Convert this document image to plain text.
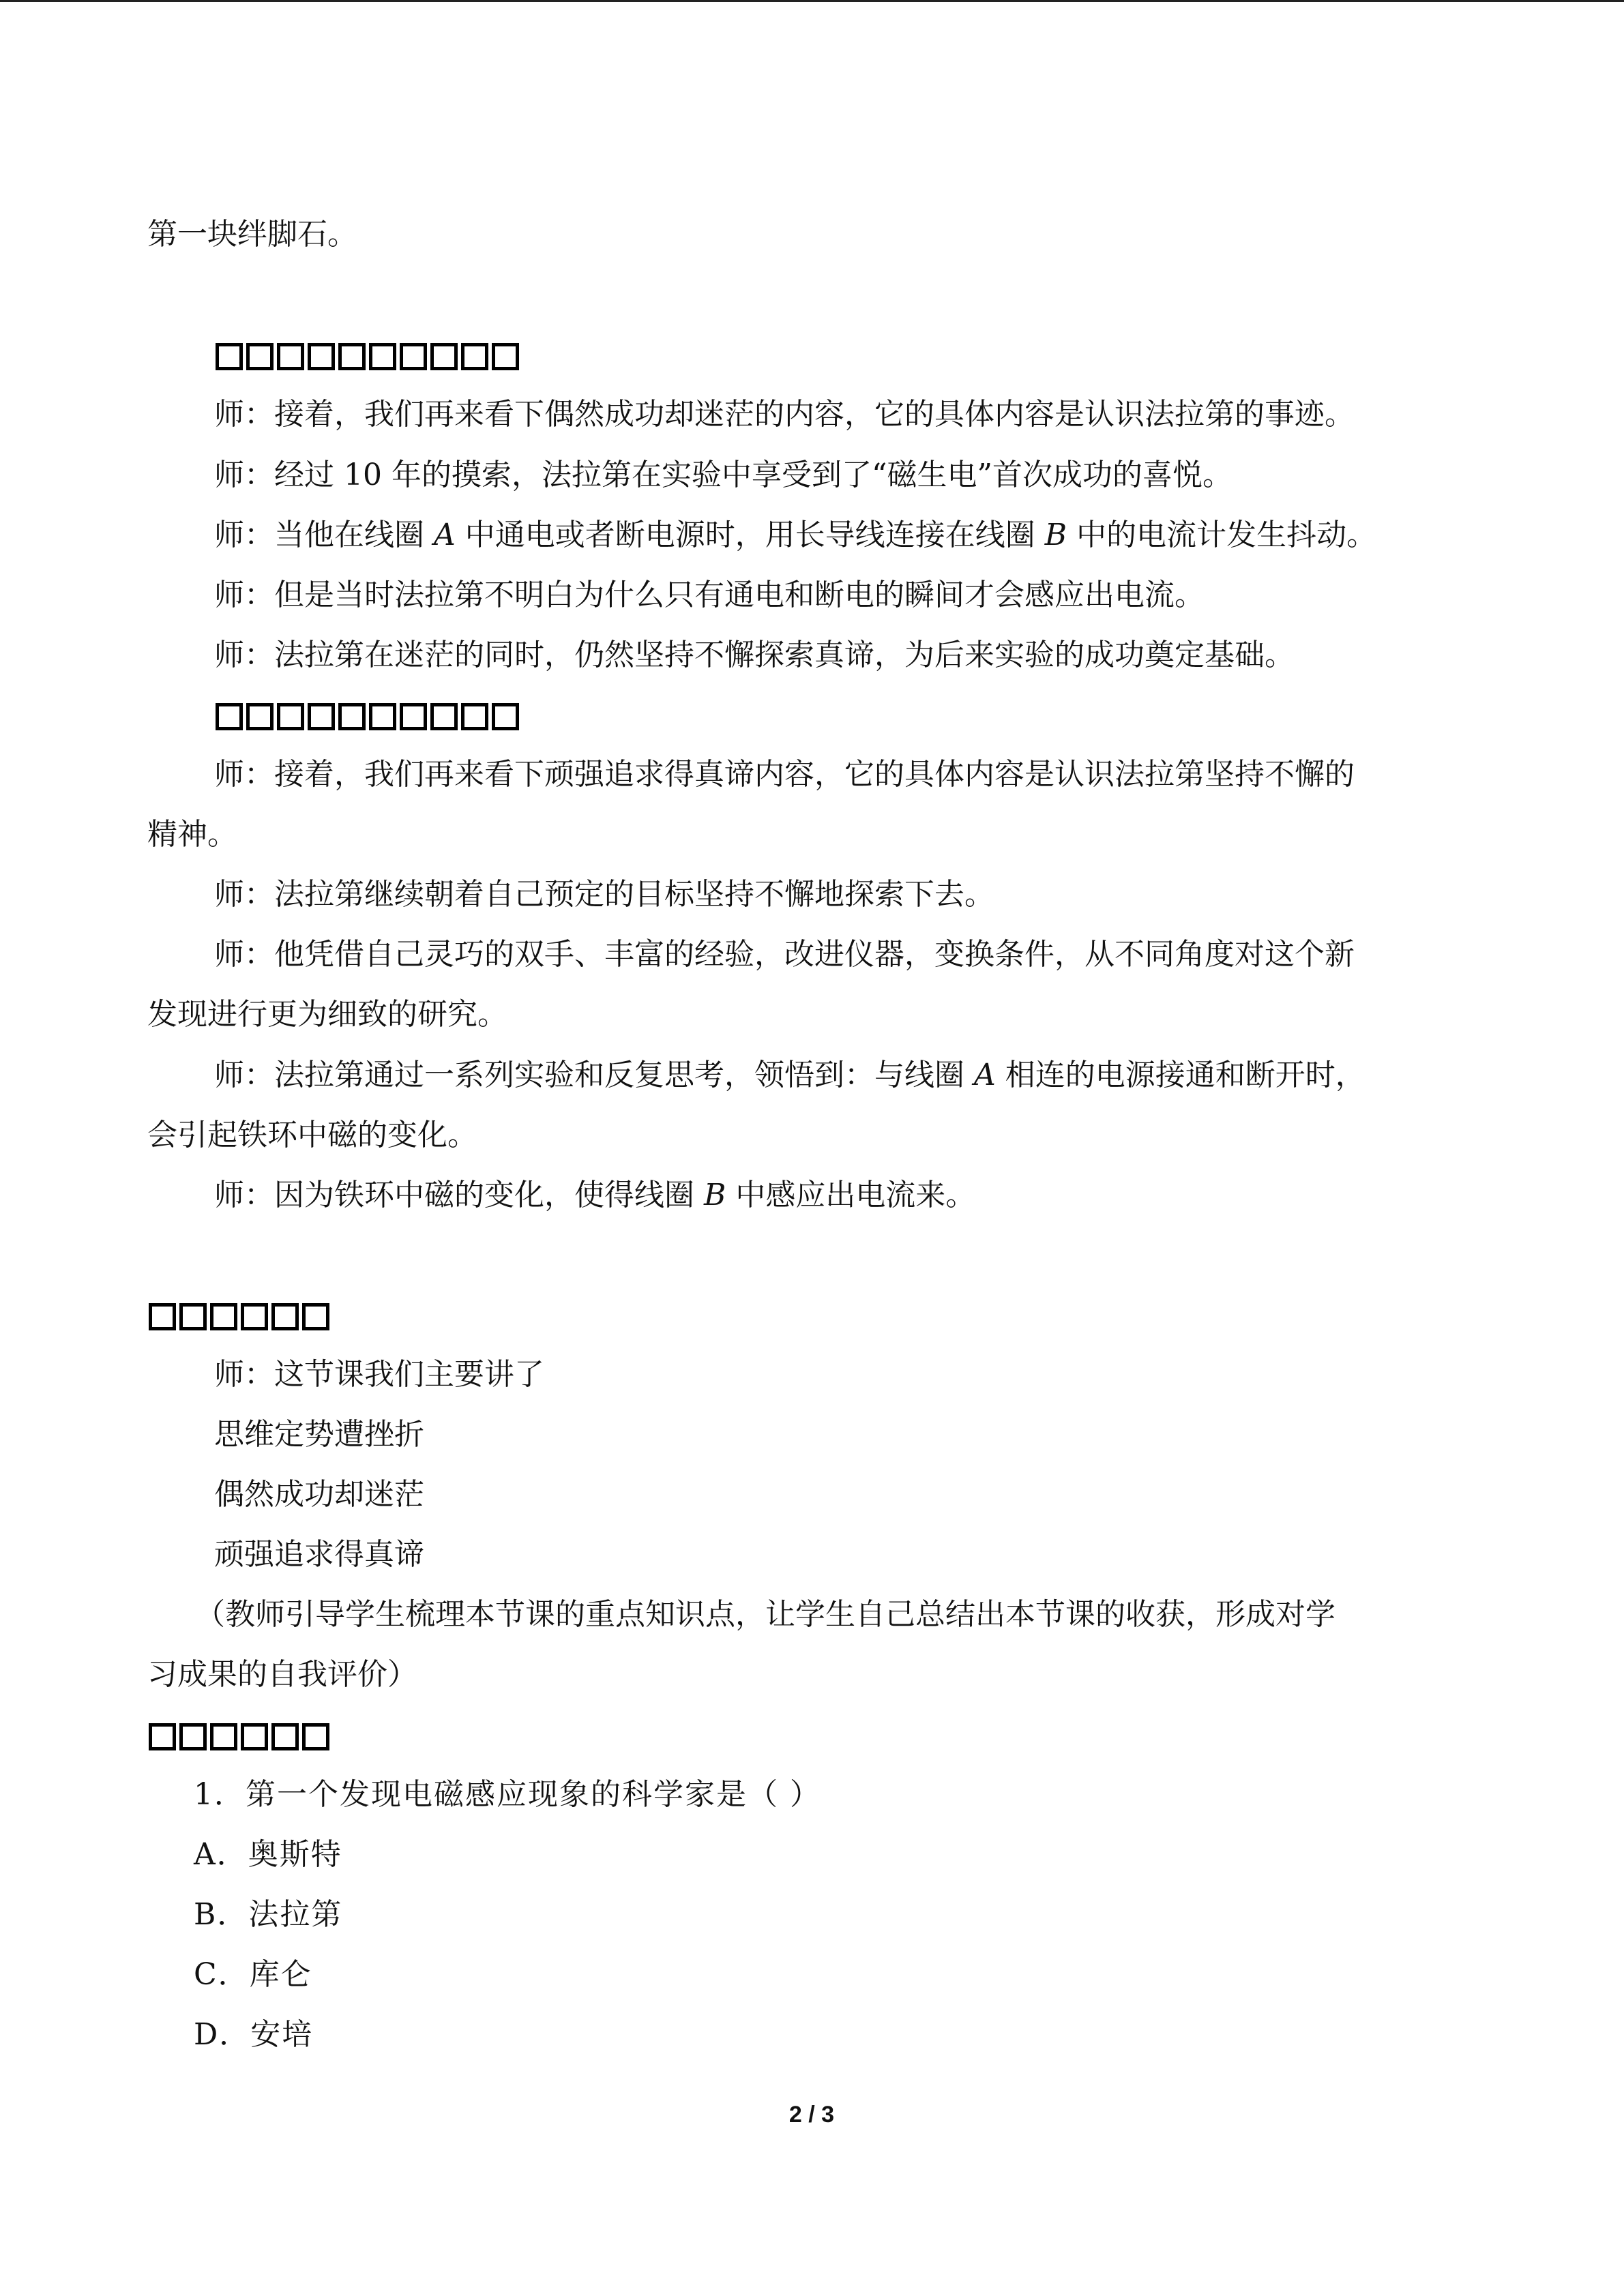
第一块绊脚石。
师：接着，我们再来看下偶然成功却迷茫的内容，它的具体内容是认识法拉第的事迹。
师：经过 10 年的摸索，法拉第在实验中享受到了“磁生电”首次成功的喜悦。
师：当他在线圈 A 中通电或者断电源时，用长导线连接在线圈 B 中的电流计发生抖动。
师：但是当时法拉第不明白为什么只有通电和断电的瞬间才会感应出电流。
师：法拉第在迷茫的同时，仍然坚持不懈探索真谛，为后来实验的成功奠定基础。
师：接着，我们再来看下顽强追求得真谛内容，它的具体内容是认识法拉第坚持不懈的
精神。
师：法拉第继续朝着自己预定的目标坚持不懈地探索下去。
师：他凭借自己灵巧的双手、丰富的经验，改进仪器，变换条件，从不同角度对这个新
发现进行更为细致的研究。
师：法拉第通过一系列实验和反复思考，领悟到：与线圈 A 相连的电源接通和断开时，
会引起铁环中磁的变化。
师：因为铁环中磁的变化，使得线圈 B 中感应出电流来。
师：这节课我们主要讲了
思维定势遭挫折
偶然成功却迷茫
顽强追求得真谛
（教师引导学生梳理本节课的重点知识点，让学生自己总结出本节课的收获，形成对学
习成果的自我评价）
1．第一个发现电磁感应现象的科学家是（ ）
A．奥斯特
B．法拉第
C．库仑
D．安培
2 / 3
